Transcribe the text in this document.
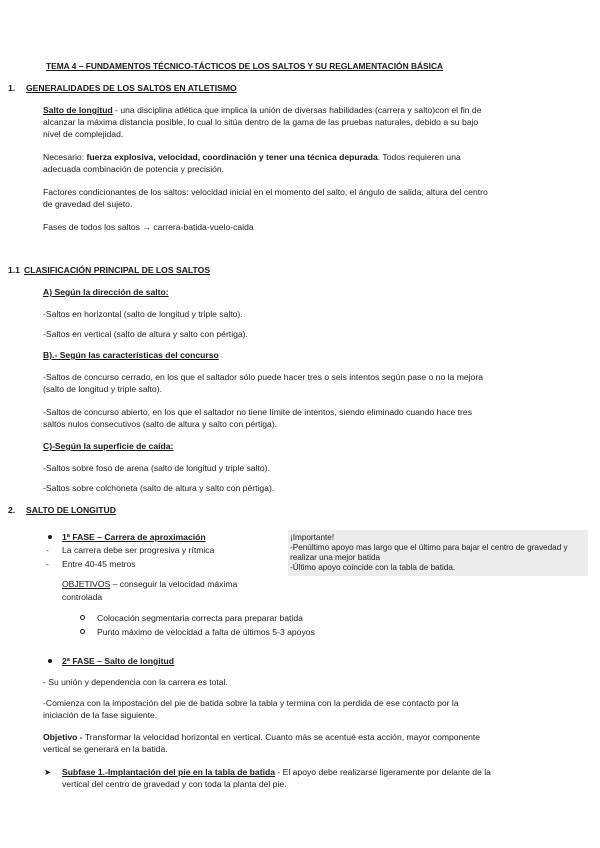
TEMA 4 – FUNDAMENTOS TÉCNICO-TÁCTICOS DE LOS SALTOS Y SU REGLAMENTACIÓN BÁSICA
1. GENERALIDADES DE LOS SALTOS EN ATLETISMO
Salto de longitud - una disciplina atlética que implica la unión de diversas habilidades (carrera y salto)con el fin de
alcanzar la máxima distancia posible, lo cual lo sitúa dentro de la gama de las pruebas naturales, debido a su bajo
nivel de complejidad.
Necesario: fuerza explosiva, velocidad, coordinación y tener una técnica depurada. Todos requieren una
adecuada combinación de potencia y precisión.
Factores condicionantes de los saltos: velocidad inicial en el momento del salto, el ángulo de salida, altura del centro
de gravedad del sujeto.
Fases de todos los saltos → carrera-batida-vuelo-caida
1.1 CLASIFICACIÓN PRINCIPAL DE LOS SALTOS
A) Según la dirección de salto:
-Saltos en horizontal (salto de longitud y triple salto).
-Saltos en vertical (salto de altura y salto con pértiga).
B).- Según las características del concurso
-Saltos de concurso cerrado, en los que el saltador sólo puede hacer tres o seis intentos según pase o no la mejora
(salto de longitud y triple salto).
-Saltos de concurso abierto, en los que el saltador no tiene límite de intentos, siendo eliminado cuando hace tres
saltos nulos consecutivos (salto de altura y salto con pértiga).
C)-Según la superficie de caída:
-Saltos sobre foso de arena (salto de longitud y triple salto).
-Saltos sobre colchoneta (salto de altura y salto con pértiga).
2. SALTO DE LONGITUD
1ª FASE – Carrera de aproximación
- La carrera debe ser progresiva y rítmica
- Entre 40-45 metros
OBJETIVOS – conseguir la velocidad máxima
controlada
Colocación segmentaria correcta para preparar batida
Punto máximo de velocidad a falta de últimos 5-3 apoyos
¡Importante!
-Penúltimo apoyo mas largo que el último para bajar el centro de gravedad y
realizar una mejor batida
-Último apoyo coincide con la tabla de batida.
2ª FASE – Salto de longitud
- Su unión y dependencia con la carrera es total.
-Comienza con la impostación del pie de batida sobre la tabla y termina con la perdida de ese contacto por la
iniciación de la fase siguiente.
Objetivo - Transformar la velocidad horizontal en vertical. Cuanto más se acentué esta acción, mayor componente
vertical se generará en la batida.
➤ Subfase 1.-Implantación del pie en la tabla de batida - El apoyo debe realizarse ligeramente por delante de la
vertical del centro de gravedad y con toda la planta del pie.
